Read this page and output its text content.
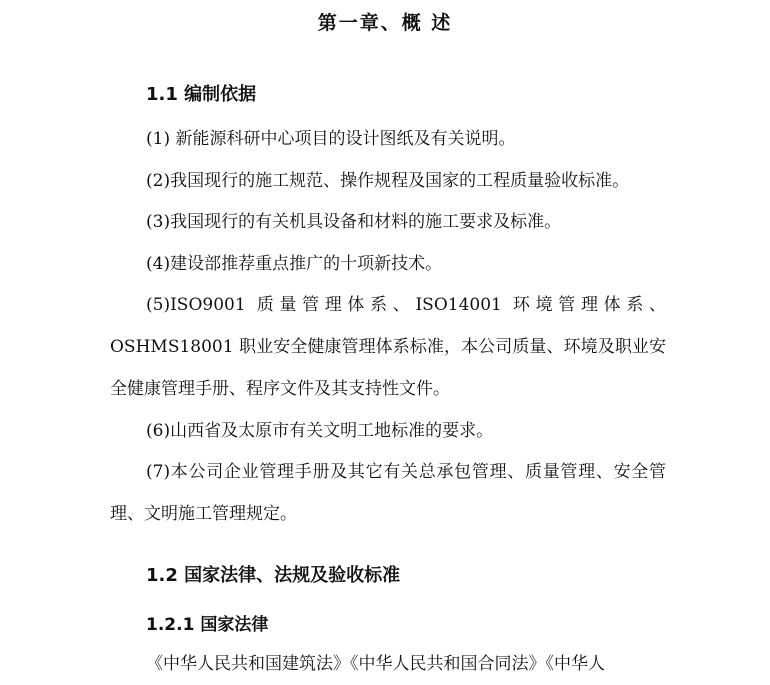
第一章、概 述
1.1 编制依据

(1) 新能源科研中心项目的设计图纸及有关说明。

(2)我国现行的施工规范、操作规程及国家的工程质量验收标准。

(3)我国现行的有关机具设备和材料的施工要求及标准。

(4)建设部推荐重点推广的十项新技术。

(5)ISO9001 质量管理体系、ISO14001 环境管理体系、OSHMS18001 职业安全健康管理体系标准，本公司质量、环境及职业安全健康管理手册、程序文件及其支持性文件。

(6)山西省及太原市有关文明工地标准的要求。

(7)本公司企业管理手册及其它有关总承包管理、质量管理、安全管理、文明施工管理规定。

1.2 国家法律、法规及验收标准
1.2.1 国家法律

《中华人民共和国建筑法》《中华人民共和国合同法》《中华人
